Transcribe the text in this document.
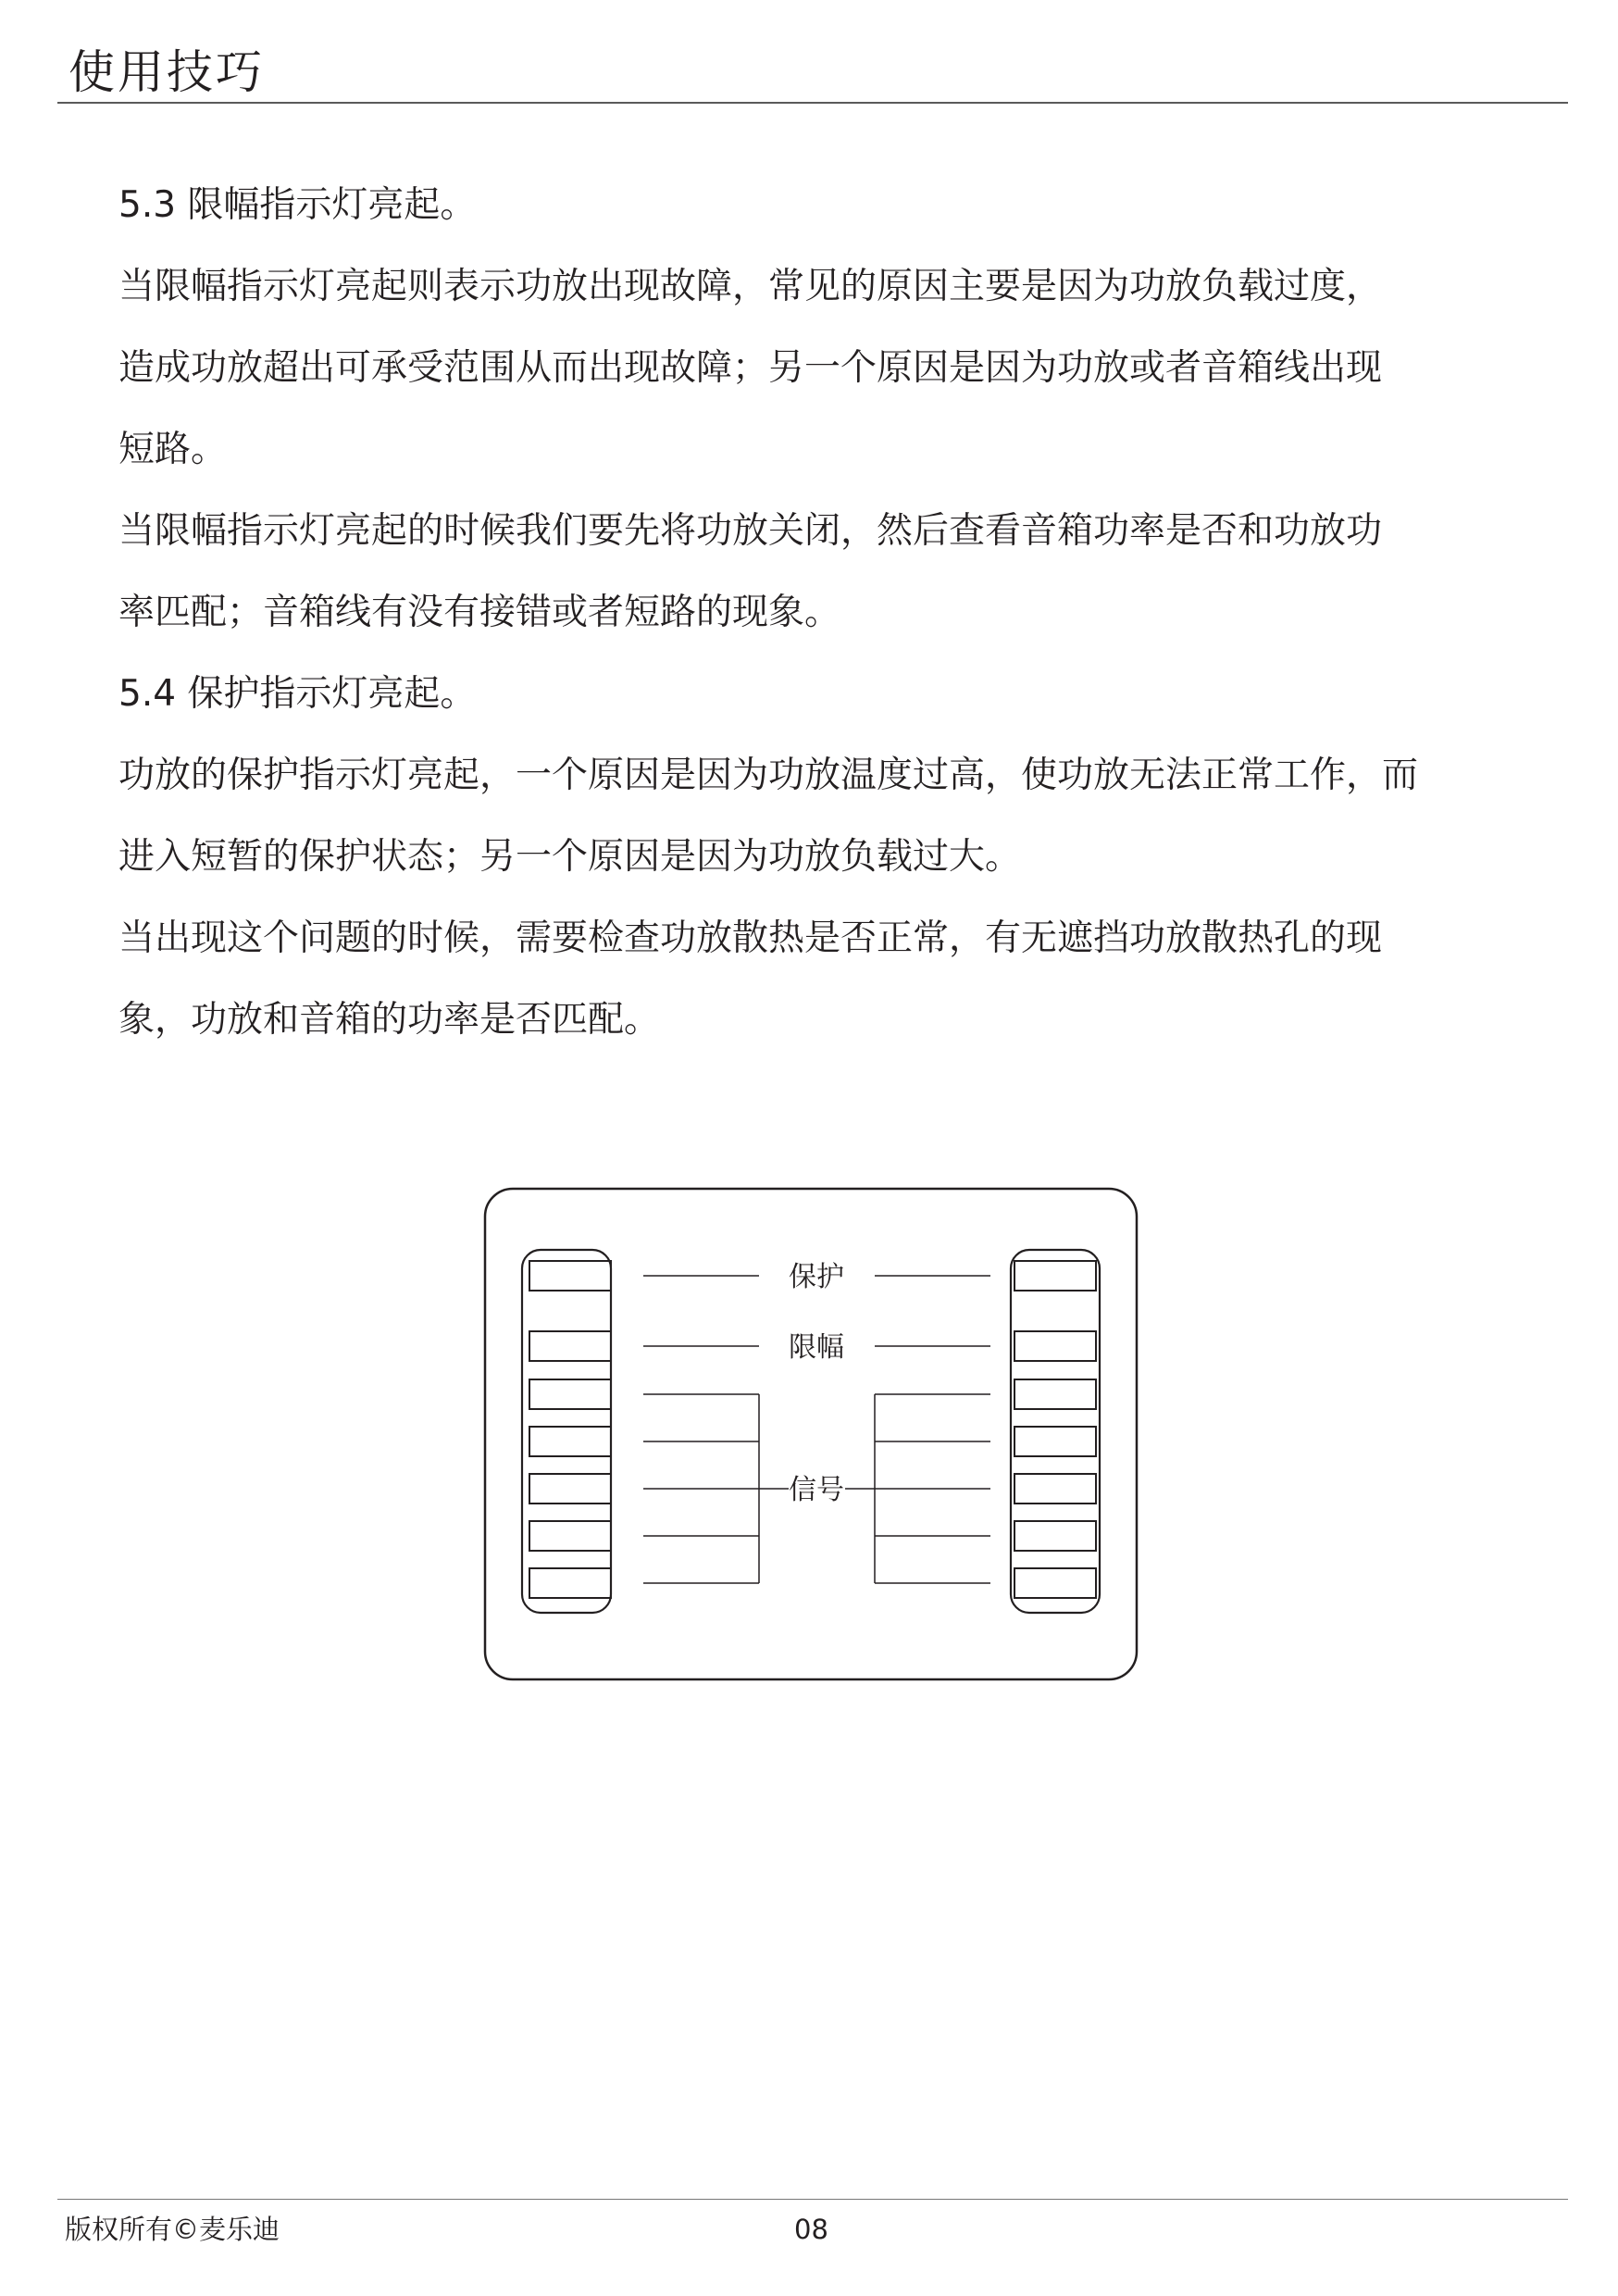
使用技巧

5.3 限幅指示灯亮起。

当限幅指示灯亮起则表示功放出现故障，常见的原因主要是因为功放负载过度，

造成功放超出可承受范围从而出现故障；另一个原因是因为功放或者音箱线出现

短路。

当限幅指示灯亮起的时候我们要先将功放关闭，然后查看音箱功率是否和功放功

率匹配；音箱线有没有接错或者短路的现象。

5.4 保护指示灯亮起。

功放的保护指示灯亮起，一个原因是因为功放温度过高，使功放无法正常工作，而

进入短暂的保护状态；另一个原因是因为功放负载过大。

当出现这个问题的时候，需要检查功放散热是否正常，有无遮挡功放散热孔的现

象，功放和音箱的功率是否匹配。

保护
限幅
信号
版权所有©麦乐迪	08
